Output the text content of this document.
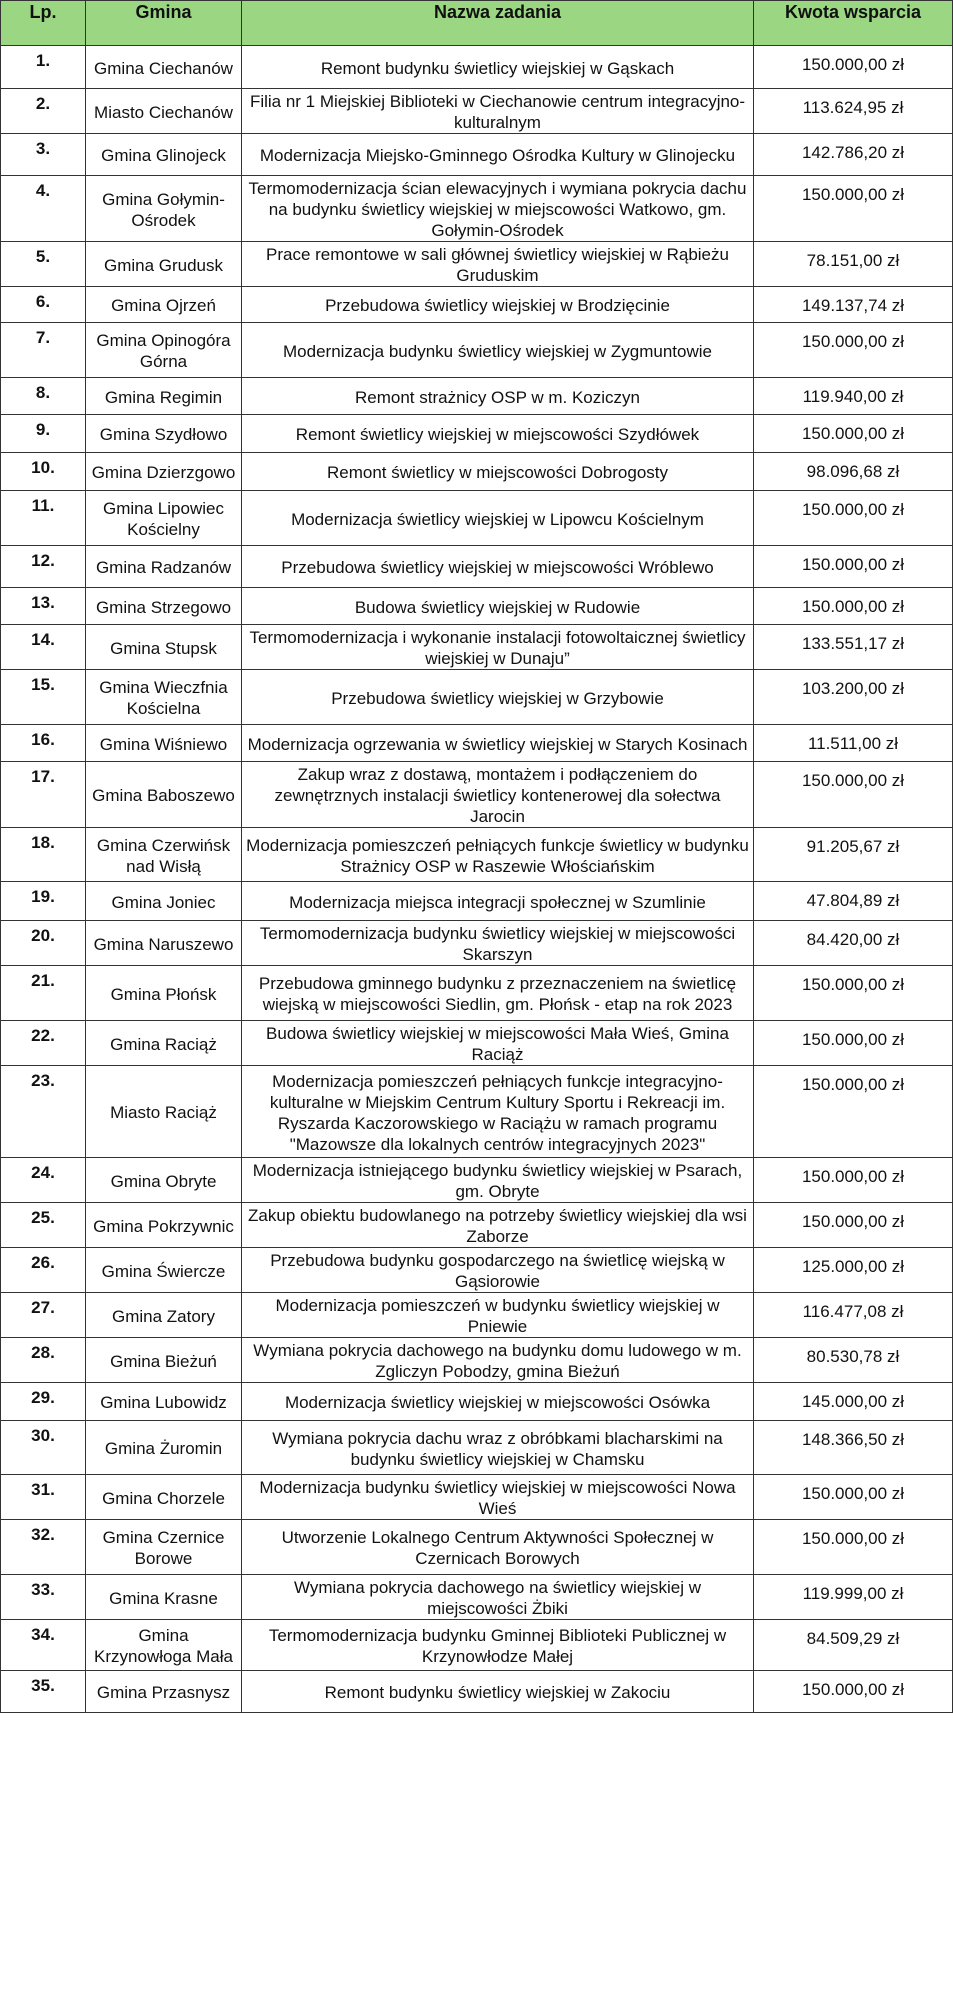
Lp.	Gmina	Nazwa zadania	Kwota wsparcia
1.	Gmina Ciechanów	Remont budynku świetlicy wiejskiej w Gąskach	150.000,00 zł
2.	Miasto Ciechanów	Filia nr 1 Miejskiej Biblioteki w Ciechanowie centrum integracyjno-kulturalnym	113.624,95 zł
3.	Gmina Glinojeck	Modernizacja Miejsko-Gminnego Ośrodka Kultury w Glinojecku	142.786,20 zł
4.	Gmina Gołymin-Ośrodek	Termomodernizacja ścian elewacyjnych i wymiana pokrycia dachu na budynku świetlicy wiejskiej w miejscowości Watkowo, gm. Gołymin-Ośrodek	150.000,00 zł
5.	Gmina Grudusk	Prace remontowe w sali głównej świetlicy wiejskiej w Rąbieżu Gruduskim	78.151,00 zł
6.	Gmina Ojrzeń	Przebudowa świetlicy wiejskiej w Brodzięcinie	149.137,74 zł
7.	Gmina Opinogóra Górna	Modernizacja budynku świetlicy wiejskiej w Zygmuntowie	150.000,00 zł
8.	Gmina Regimin	Remont strażnicy OSP w m. Koziczyn	119.940,00 zł
9.	Gmina Szydłowo	Remont świetlicy wiejskiej w miejscowości Szydłówek	150.000,00 zł
10.	Gmina Dzierzgowo	Remont świetlicy w miejscowości Dobrogosty	98.096,68 zł
11.	Gmina Lipowiec Kościelny	Modernizacja świetlicy wiejskiej w Lipowcu Kościelnym	150.000,00 zł
12.	Gmina Radzanów	Przebudowa świetlicy wiejskiej w miejscowości Wróblewo	150.000,00 zł
13.	Gmina Strzegowo	Budowa świetlicy wiejskiej w Rudowie	150.000,00 zł
14.	Gmina Stupsk	Termomodernizacja i wykonanie instalacji fotowoltaicznej świetlicy wiejskiej w Dunaju”	133.551,17 zł
15.	Gmina Wieczfnia Kościelna	Przebudowa świetlicy wiejskiej w Grzybowie	103.200,00 zł
16.	Gmina Wiśniewo	Modernizacja ogrzewania w świetlicy wiejskiej w Starych Kosinach	11.511,00 zł
17.	Gmina Baboszewo	Zakup wraz z dostawą, montażem i podłączeniem do zewnętrznych instalacji świetlicy kontenerowej dla sołectwa Jarocin	150.000,00 zł
18.	Gmina Czerwińsk nad Wisłą	Modernizacja pomieszczeń pełniących funkcje świetlicy w budynku Strażnicy OSP w Raszewie Włościańskim	91.205,67 zł
19.	Gmina Joniec	Modernizacja miejsca integracji społecznej w Szumlinie	47.804,89 zł
20.	Gmina Naruszewo	Termomodernizacja budynku świetlicy wiejskiej w miejscowości Skarszyn	84.420,00 zł
21.	Gmina Płońsk	Przebudowa gminnego budynku z przeznaczeniem na świetlicę wiejską w miejscowości Siedlin, gm. Płońsk - etap na rok 2023	150.000,00 zł
22.	Gmina Raciąż	Budowa świetlicy wiejskiej w miejscowości Mała Wieś, Gmina Raciąż	150.000,00 zł
23.	Miasto Raciąż	Modernizacja pomieszczeń pełniących funkcje integracyjno-kulturalne w Miejskim Centrum Kultury Sportu i Rekreacji im. Ryszarda Kaczorowskiego w Raciążu w ramach programu "Mazowsze dla lokalnych centrów integracyjnych 2023"	150.000,00 zł
24.	Gmina Obryte	Modernizacja istniejącego budynku świetlicy wiejskiej w Psarach, gm. Obryte	150.000,00 zł
25.	Gmina Pokrzywnic	Zakup obiektu budowlanego na potrzeby świetlicy wiejskiej dla wsi Zaborze	150.000,00 zł
26.	Gmina Świercze	Przebudowa budynku gospodarczego na świetlicę wiejską w Gąsiorowie	125.000,00 zł
27.	Gmina Zatory	Modernizacja pomieszczeń w budynku świetlicy wiejskiej w Pniewie	116.477,08 zł
28.	Gmina Bieżuń	Wymiana pokrycia dachowego na budynku domu ludowego w m. Zgliczyn Pobodzy, gmina Bieżuń	80.530,78 zł
29.	Gmina Lubowidz	Modernizacja świetlicy wiejskiej w miejscowości Osówka	145.000,00 zł
30.	Gmina Żuromin	Wymiana pokrycia dachu wraz z obróbkami blacharskimi na budynku świetlicy wiejskiej w Chamsku	148.366,50 zł
31.	Gmina Chorzele	Modernizacja budynku świetlicy wiejskiej w miejscowości Nowa Wieś	150.000,00 zł
32.	Gmina Czernice Borowe	Utworzenie Lokalnego Centrum Aktywności Społecznej w Czernicach Borowych	150.000,00 zł
33.	Gmina Krasne	Wymiana pokrycia dachowego na świetlicy wiejskiej w miejscowości Żbiki	119.999,00 zł
34.	Gmina Krzynowłoga Mała	Termomodernizacja budynku Gminnej Biblioteki Publicznej w Krzynowłodze Małej	84.509,29 zł
35.	Gmina Przasnysz	Remont budynku świetlicy wiejskiej w Zakociu	150.000,00 zł
